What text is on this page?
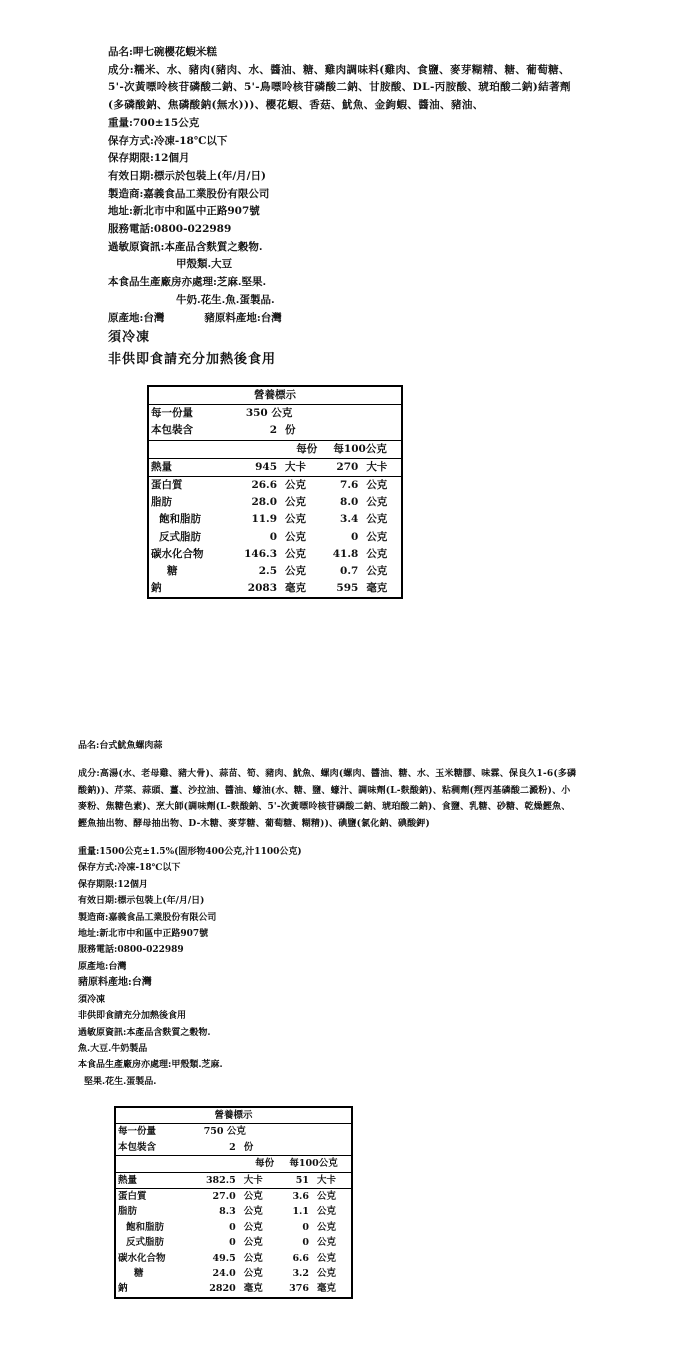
品名:呷七碗櫻花蝦米糕
成分:糯米、水、豬肉(豬肉、水、醬油、糖、雞肉調味料(雞肉、食鹽、麥芽糊精、糖、葡萄糖、5'-次黃嘌呤核苷磷酸二鈉、5'-鳥嘌呤核苷磷酸二鈉、甘胺酸、DL-丙胺酸、琥珀酸二鈉)結著劑(多磷酸鈉、焦磷酸鈉(無水)))、櫻花蝦、香菇、魷魚、金鉤蝦、醬油、豬油、
重量:700±15公克
保存方式:冷凍-18℃以下
保存期限:12個月
有效日期:標示於包裝上(年/月/日)
製造商:嘉義食品工業股份有限公司
地址:新北市中和區中正路907號
服務電話:0800-022989
過敏原資訊:本產品含麩質之穀物.
甲殼類.大豆
本食品生產廠房亦處理:芝麻.堅果.
牛奶.花生.魚.蛋製品.
原產地:台灣	豬原料產地:台灣
須冷凍
非供即食請充分加熱後食用
營養標示				
每一份量	350 公克			
本包裝含	2	份		
	每份		每100公克	
熱量	945	大卡	270	大卡
蛋白質	26.6	公克	7.6	公克
脂肪	28.0	公克	8.0	公克
飽和脂肪	11.9	公克	3.4	公克
反式脂肪	0	公克	0	公克
碳水化合物	146.3	公克	41.8	公克
糖	2.5	公克	0.7	公克
鈉	2083	毫克	595	毫克
品名:台式魷魚螺肉蒜
成分:高湯(水、老母雞、豬大骨)、蒜苗、筍、豬肉、魷魚、螺肉(螺肉、醬油、糖、水、玉米糖膠、味霖、保良久1-6(多磷酸鈉))、芹菜、蒜頭、薑、沙拉油、醬油、蠔油(水、糖、鹽、蠔汁、調味劑(L-麩酸鈉)、粘稠劑(羥丙基磷酸二澱粉)、小麥粉、焦糖色素)、烹大師(調味劑(L-麩酸鈉、5'-次黃嘌呤核苷磷酸二鈉、琥珀酸二鈉)、食鹽、乳糖、砂糖、乾燥鰹魚、鰹魚抽出物、酵母抽出物、D-木糖、麥芽糖、葡萄糖、糊精))、碘鹽(氯化鈉、碘酸鉀)
重量:1500公克±1.5%(固形物400公克,汁1100公克)
保存方式:冷凍-18℃以下
保存期限:12個月
有效日期:標示包裝上(年/月/日)
製造商:嘉義食品工業股份有限公司
地址:新北市中和區中正路907號
服務電話:0800-022989
原產地:台灣
豬原料產地:台灣
須冷凍
非供即食請充分加熱後食用
過敏原資訊:本產品含麩質之穀物.
魚.大豆.牛奶製品
本食品生產廠房亦處理:甲殼類.芝麻.
堅果.花生.蛋製品.
營養標示				
每一份量	750 公克			
本包裝含	2	份		
	每份		每100公克	
熱量	382.5	大卡	51	大卡
蛋白質	27.0	公克	3.6	公克
脂肪	8.3	公克	1.1	公克
飽和脂肪	0	公克	0	公克
反式脂肪	0	公克	0	公克
碳水化合物	49.5	公克	6.6	公克
糖	24.0	公克	3.2	公克
鈉	2820	毫克	376	毫克
